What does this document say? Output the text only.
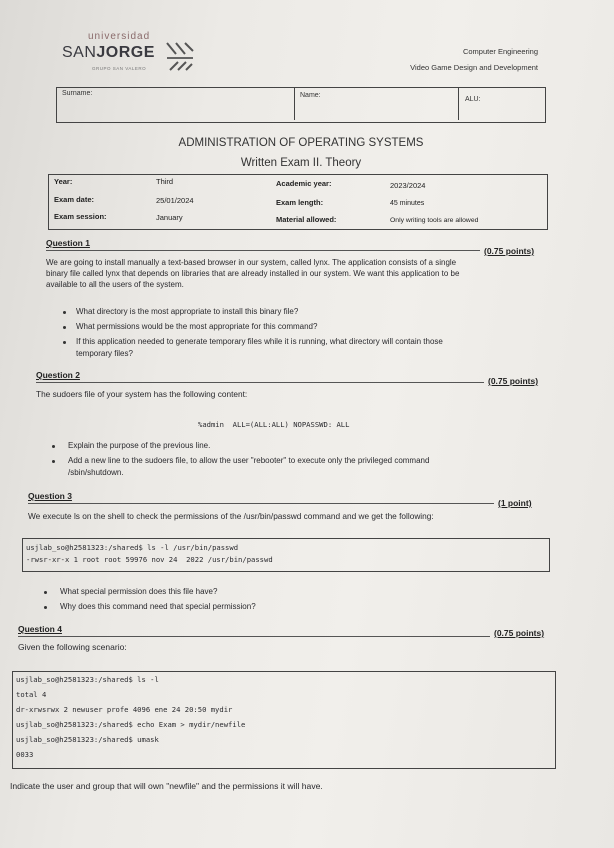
universidad
SANJORGE
GRUPO SAN VALERO
Computer Engineering
Video Game Design and Development
Surname:	Name:
ALU:
ADMINISTRATION OF OPERATING SYSTEMS
Written Exam II. Theory
Year:	Third	Academic year:	2023/2024
Exam date:	25/01/2024	Exam length:	45 minutes
Exam session:	January	Material allowed:	Only writing tools are allowed
Question 1
(0.75 points)
We are going to install manually a text-based browser in our system, called lynx. The application consists of a single
binary file called lynx that depends on libraries that are already installed in our system. We want this application to be
available to all the users of the system.
What directory is the most appropriate to install this binary file?
What permissions would be the most appropriate for this command?
If this application needed to generate temporary files while it is running, what directory will contain those
temporary files?
Question 2
(0.75 points)
The sudoers file of your system has the following content:
%admin  ALL=(ALL:ALL) NOPASSWD: ALL
Explain the purpose of the previous line.
Add a new line to the sudoers file, to allow the user "rebooter" to execute only the privileged command
/sbin/shutdown.
Question 3
(1 point)
We execute ls on the shell to check the permissions of the /usr/bin/passwd command and we get the following:
usjlab_so@h2581323:/shared$ ls -l /usr/bin/passwd
-rwsr-xr-x 1 root root 59976 nov 24  2022 /usr/bin/passwd
What special permission does this file have?
Why does this command need that special permission?
Question 4	(0.75 points)
Given the following scenario:
usjlab_so@h2581323:/shared$ ls -l
total 4
dr-xrwsrwx 2 newuser profe 4096 ene 24 20:50 mydir
usjlab_so@h2581323:/shared$ echo Exam > mydir/newfile
usjlab_so@h2581323:/shared$ umask
0033
Indicate the user and group that will own "newfile" and the permissions it will have.
